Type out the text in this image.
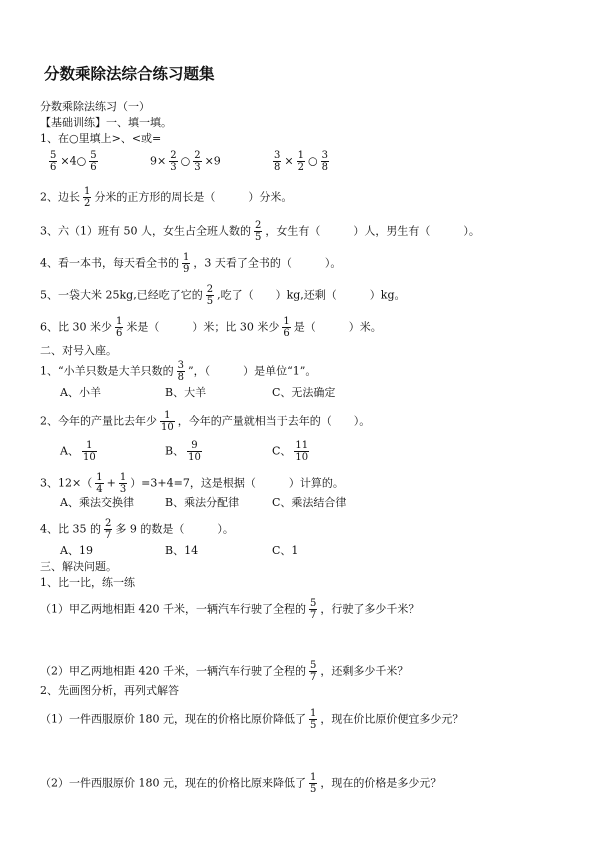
分数乘除法综合练习题集
分数乘除法练习（一）
【基础训练】一、填一填。
1、在○里填上>、<或=
$\frac{5}{6}$ ×4○ $\frac{5}{6}$	$9\times \frac{2}{3}$ ○ $\frac{2}{3} \times 9$	$\frac{3}{8} \times \frac{1}{2}$ ○ $\frac{3}{8}$
2、边长 $\frac{1}{2}$ 分米的正方形的周长是（　　　）分米。
3、六（1）班有 50 人，女生占全班人数的 $\frac{2}{5}$ ，女生有（　　　）人，男生有（　　　）。
4、看一本书，每天看全书的 $\frac{1}{9}$ ，3 天看了全书的（　　　）。
5、一袋大米 25kg,已经吃了它的 $\frac{2}{5}$ ,吃了（　　）kg,还剩（　　　）kg。
6、比 30 米少 $\frac{1}{6}$ 米是（　　　）米；比 30 米少 $\frac{1}{6}$ 是（　　　）米。
二、对号入座。
1、“小羊只数是大羊只数的 $\frac{3}{8}$ ”，（　　　）是单位“1”。
A、小羊	B、大羊	C、无法确定
2、今年的产量比去年少 $\frac{1}{10}$ ，今年的产量就相当于去年的（　　）。
A、 $\frac{1}{10}$	B、 $\frac{9}{10}$	C、 $\frac{11}{10}$
3、$12\times( \frac{1}{4} + \frac{1}{3} )=3+4=7$，这是根据（　　　）计算的。
A、乘法交换律	B、乘法分配律	C、乘法结合律
4、比 35 的 $\frac{2}{7}$ 多 9 的数是（　　　）。
A、19	B、14	C、1
三、解决问题。
1、比一比，练一练
（1）甲乙两地相距 420 千米，一辆汽车行驶了全程的 $\frac{5}{7}$ ，行驶了多少千米？
（2）甲乙两地相距 420 千米，一辆汽车行驶了全程的 $\frac{5}{7}$ ，还剩多少千米？
2、先画图分析，再列式解答
（1）一件西服原价 180 元，现在的价格比原价降低了 $\frac{1}{5}$ ，现在价比原价便宜多少元？
（2）一件西服原价 180 元，现在的价格比原来降低了 $\frac{1}{5}$ ，现在的价格是多少元？
